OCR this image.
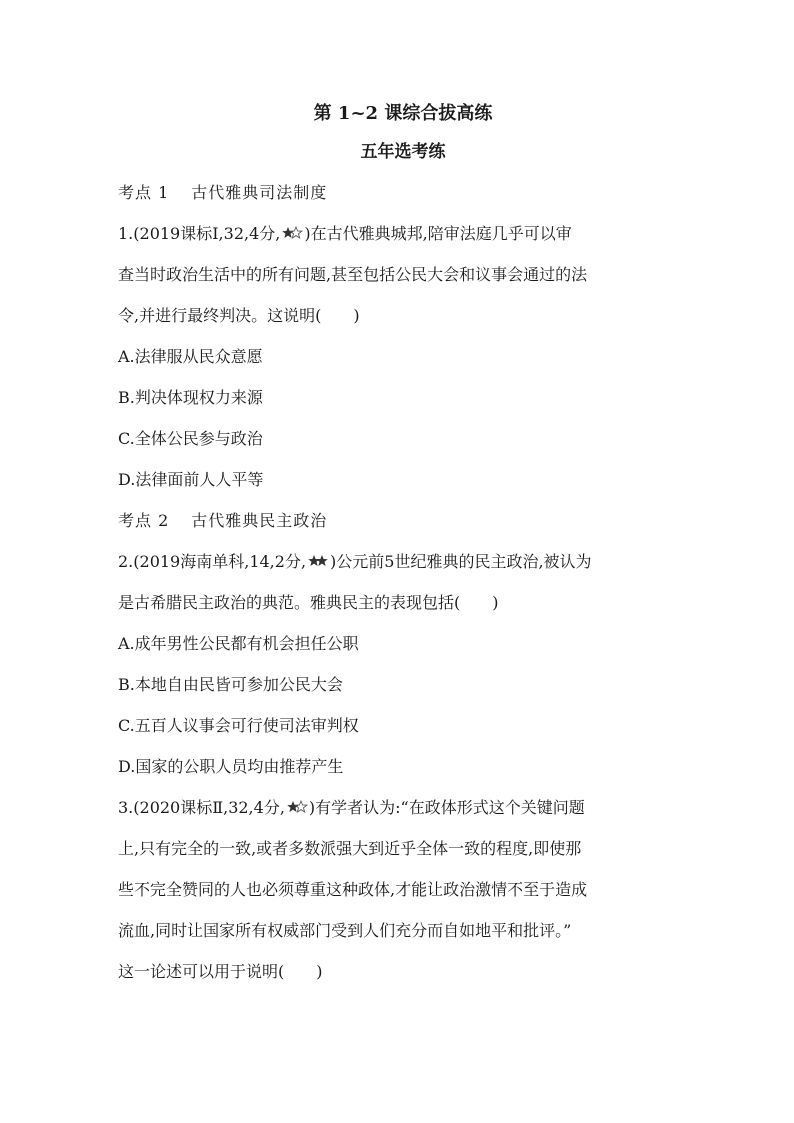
第 1~2 课综合拔高练
五年选考练
考点 1 古代雅典司法制度
1.(2019课标Ⅰ,32,4分, )在古代雅典城邦,陪审法庭几乎可以审
查当时政治生活中的所有问题,甚至包括公民大会和议事会通过的法
令,并进行最终判决。这说明(　　)
A.法律服从民众意愿
B.判决体现权力来源
C.全体公民参与政治
D.法律面前人人平等
考点 2 古代雅典民主政治
2.(2019海南单科,14,2分, )公元前5世纪雅典的民主政治,被认为
是古希腊民主政治的典范。雅典民主的表现包括(　　)
A.成年男性公民都有机会担任公职
B.本地自由民皆可参加公民大会
C.五百人议事会可行使司法审判权
D.国家的公职人员均由推荐产生
3.(2020课标Ⅱ,32,4分, )有学者认为:“在政体形式这个关键问题
上,只有完全的一致,或者多数派强大到近乎全体一致的程度,即使那
些不完全赞同的人也必须尊重这种政体,才能让政治激情不至于造成
流血,同时让国家所有权威部门受到人们充分而自如地平和批评。”
这一论述可以用于说明(　　)
